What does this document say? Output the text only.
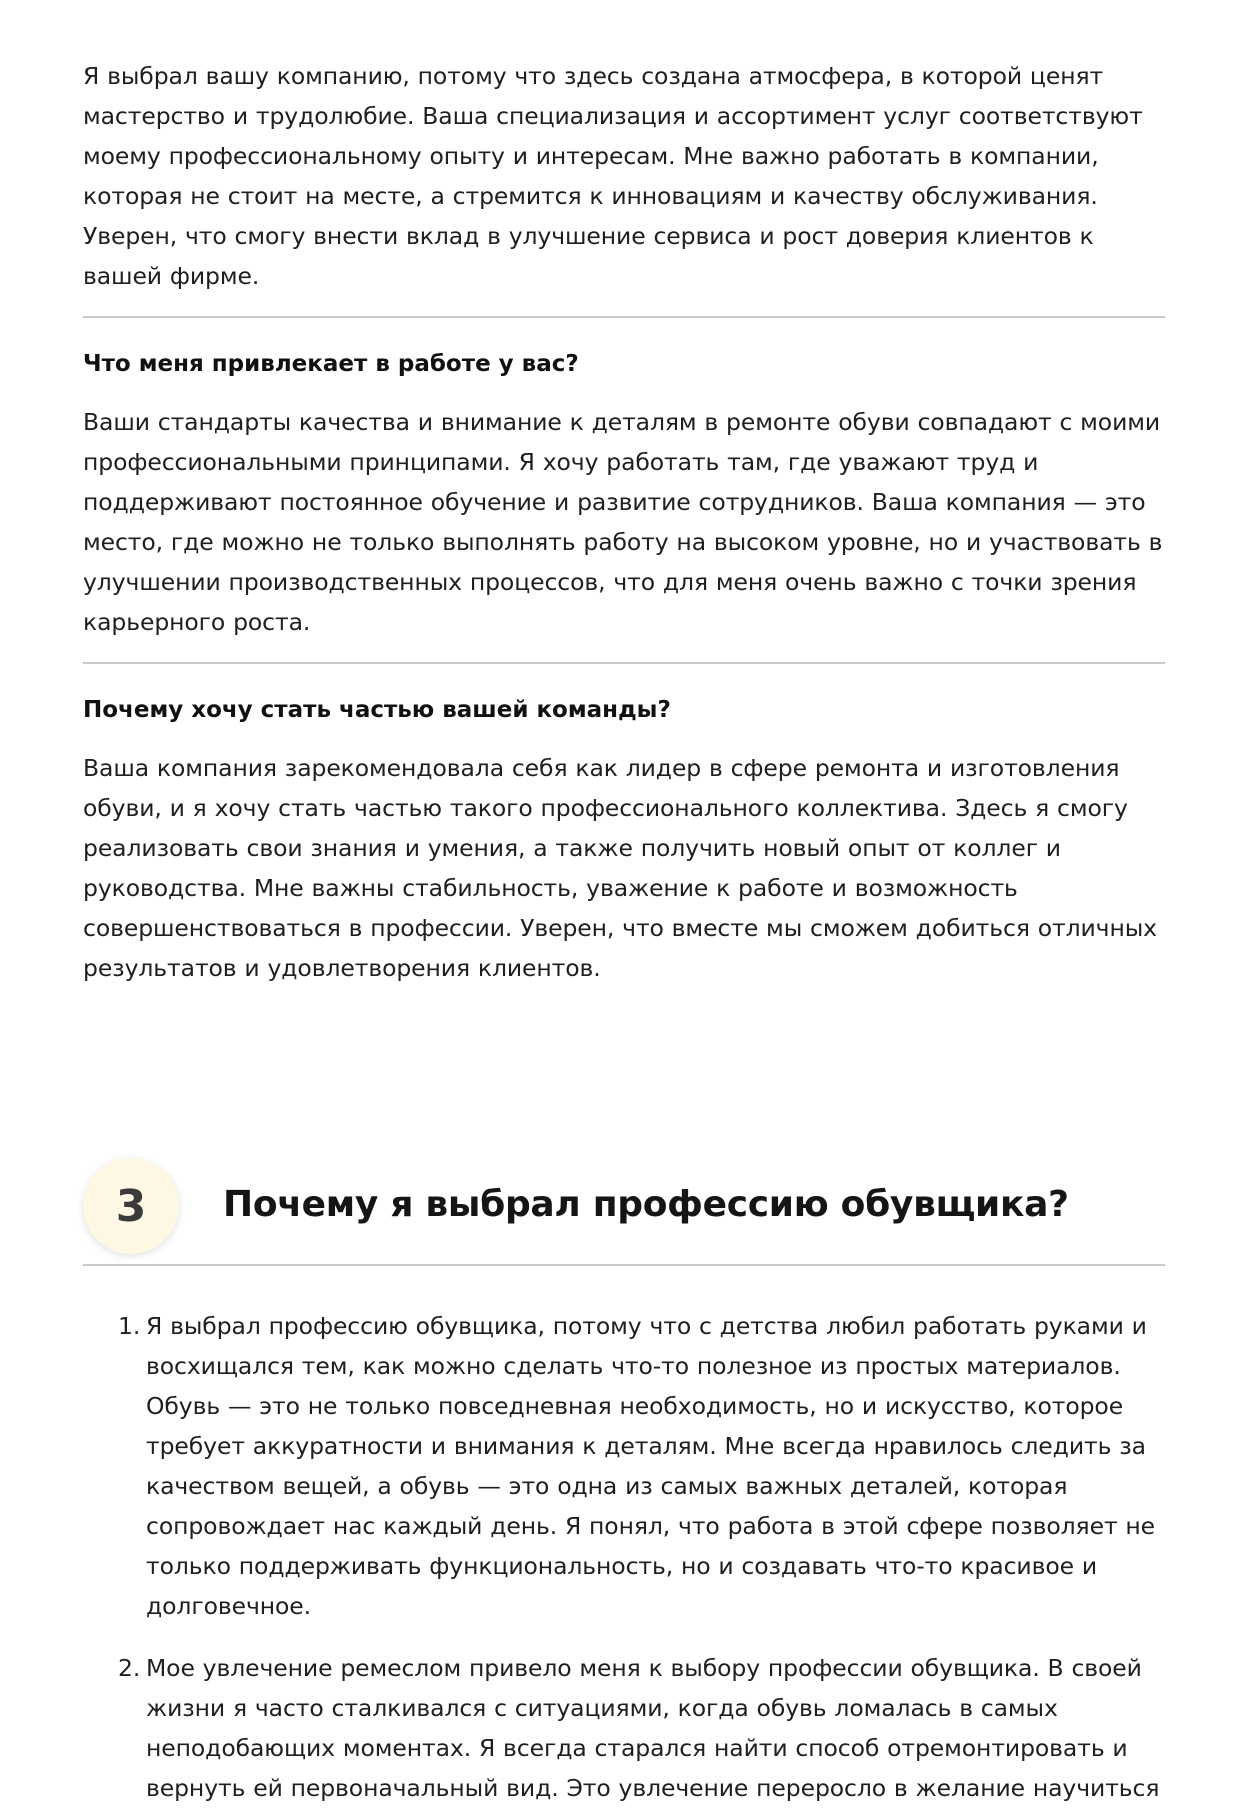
Я выбрал вашу компанию, потому что здесь создана атмосфера, в которой ценят мастерство и трудолюбие. Ваша специализация и ассортимент услуг соответствуют моему профессиональному опыту и интересам. Мне важно работать в компании, которая не стоит на месте, а стремится к инновациям и качеству обслуживания. Уверен, что смогу внести вклад в улучшение сервиса и рост доверия клиентов к вашей фирме.

Что меня привлекает в работе у вас?

Ваши стандарты качества и внимание к деталям в ремонте обуви совпадают с моими профессиональными принципами. Я хочу работать там, где уважают труд и поддерживают постоянное обучение и развитие сотрудников. Ваша компания — это место, где можно не только выполнять работу на высоком уровне, но и участвовать в улучшении производственных процессов, что для меня очень важно с точки зрения карьерного роста.

Почему хочу стать частью вашей команды?

Ваша компания зарекомендовала себя как лидер в сфере ремонта и изготовления обуви, и я хочу стать частью такого профессионального коллектива. Здесь я смогу реализовать свои знания и умения, а также получить новый опыт от коллег и руководства. Мне важны стабильность, уважение к работе и возможность совершенствоваться в профессии. Уверен, что вместе мы сможем добиться отличных результатов и удовлетворения клиентов.

3	Почему я выбрал профессию обувщика?
1. Я выбрал профессию обувщика, потому что с детства любил работать руками и восхищался тем, как можно сделать что-то полезное из простых материалов. Обувь — это не только повседневная необходимость, но и искусство, которое требует аккуратности и внимания к деталям. Мне всегда нравилось следить за качеством вещей, а обувь — это одна из самых важных деталей, которая сопровождает нас каждый день. Я понял, что работа в этой сфере позволяет не только поддерживать функциональность, но и создавать что-то красивое и долговечное.
2. Мое увлечение ремеслом привело меня к выбору профессии обувщика. В своей жизни я часто сталкивался с ситуациями, когда обувь ломалась в самых неподобающих моментах. Я всегда старался найти способ отремонтировать и вернуть ей первоначальный вид. Это увлечение переросло в желание научиться
